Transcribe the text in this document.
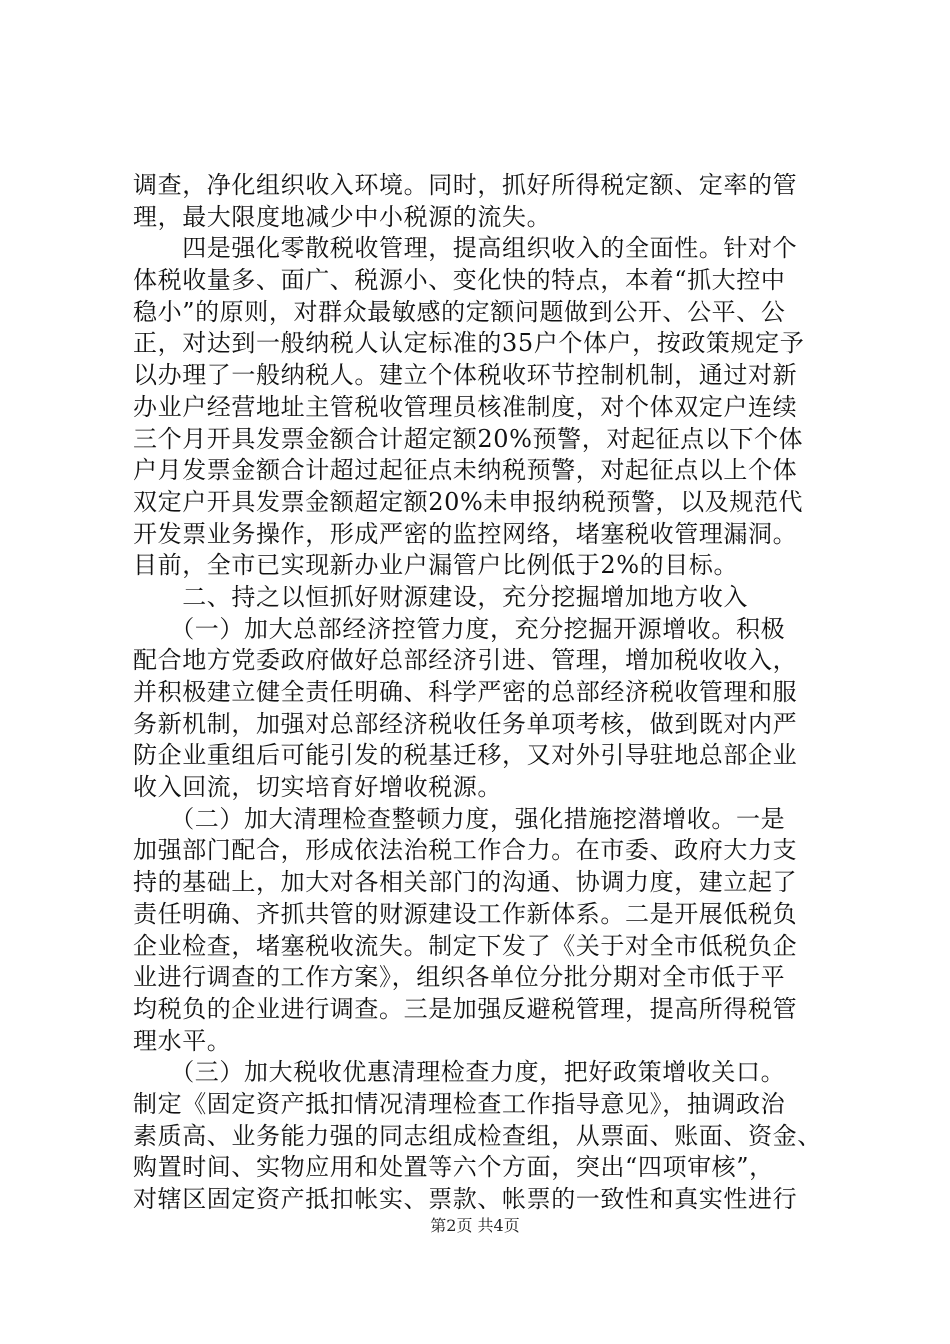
调查，净化组织收入环境。同时，抓好所得税定额、定率的管
理，最大限度地减少中小税源的流失。
　　四是强化零散税收管理，提高组织收入的全面性。针对个
体税收量多、面广、税源小、变化快的特点，本着“抓大控中
稳小”的原则，对群众最敏感的定额问题做到公开、公平、公
正，对达到一般纳税人认定标准的35户个体户，按政策规定予
以办理了一般纳税人。建立个体税收环节控制机制，通过对新
办业户经营地址主管税收管理员核准制度，对个体双定户连续
三个月开具发票金额合计超定额20%预警，对起征点以下个体
户月发票金额合计超过起征点未纳税预警，对起征点以上个体
双定户开具发票金额超定额20%未申报纳税预警，以及规范代
开发票业务操作，形成严密的监控网络，堵塞税收管理漏洞。
目前，全市已实现新办业户漏管户比例低于2%的目标。
　　二、持之以恒抓好财源建设，充分挖掘增加地方收入
　　（一）加大总部经济控管力度，充分挖掘开源增收。积极
配合地方党委政府做好总部经济引进、管理，增加税收收入，
并积极建立健全责任明确、科学严密的总部经济税收管理和服
务新机制，加强对总部经济税收任务单项考核，做到既对内严
防企业重组后可能引发的税基迁移，又对外引导驻地总部企业
收入回流，切实培育好增收税源。
　　（二）加大清理检查整顿力度，强化措施挖潜增收。一是
加强部门配合，形成依法治税工作合力。在市委、政府大力支
持的基础上，加大对各相关部门的沟通、协调力度，建立起了
责任明确、齐抓共管的财源建设工作新体系。二是开展低税负
企业检查，堵塞税收流失。制定下发了《关于对全市低税负企
业进行调查的工作方案》，组织各单位分批分期对全市低于平
均税负的企业进行调查。三是加强反避税管理，提高所得税管
理水平。
　　（三）加大税收优惠清理检查力度，把好政策增收关口。
制定《固定资产抵扣情况清理检查工作指导意见》，抽调政治
素质高、业务能力强的同志组成检查组，从票面、账面、资金、
购置时间、实物应用和处置等六个方面，突出“四项审核”，
对辖区固定资产抵扣帐实、票款、帐票的一致性和真实性进行
第2页 共4页
